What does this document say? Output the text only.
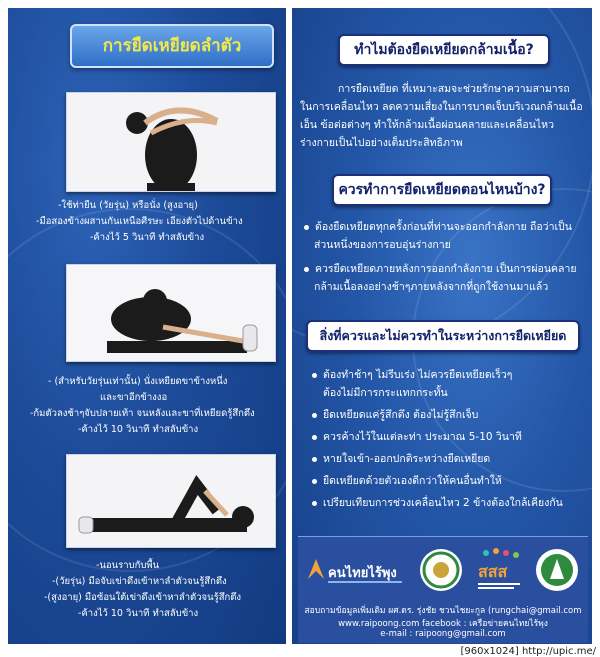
การยืดเหยียดลำตัว
-ใช้ท่ายืน (วัยรุ่น) หรือนั่ง (สูงอายุ)
-มือสองข้างผสานกันเหนือศีรษะ เอียงตัวไปด้านข้าง
-ค้างไว้ 5 วินาที ทำสลับข้าง
- (สำหรับวัยรุ่นเท่านั้น) นั่งเหยียดขาข้างหนึ่ง
และขาอีกข้างงอ
-ก้มตัวลงช้าๆจับปลายเท้า จนหลังและขาที่เหยียดรู้สึกตึง
-ค้างไว้ 10 วินาที ทำสลับข้าง
-นอนราบกับพื้น
-(วัยรุ่น) มือจับเข่าดึงเข้าหาลำตัวจนรู้สึกตึง
-(สูงอายุ) มือซ้อนใต้เข่าดึงเข้าหาลำตัวจนรู้สึกตึง
-ค้างไว้ 10 วินาที ทำสลับข้าง
ทำไมต้องยืดเหยียดกล้ามเนื้อ?
การยืดเหยียด ที่เหมาะสมจะช่วยรักษาความสามารถ
ในการเคลื่อนไหว ลดความเสี่ยงในการบาดเจ็บบริเวณกล้ามเนื้อ
เอ็น ข้อต่อต่างๆ ทำให้กล้ามเนื้อผ่อนคลายและเคลื่อนไหว
ร่างกายเป็นไปอย่างเต็มประสิทธิภาพ
ควรทำการยืดเหยียดตอนไหนบ้าง?
ต้องยืดเหยียดทุกครั้งก่อนที่ท่านจะออกกำลังกาย ถือว่าเป็น
ส่วนหนึ่งของการอบอุ่นร่างกาย
ควรยืดเหยียดภายหลังการออกกำลังกาย เป็นการผ่อนคลาย
กล้ามเนื้อลงอย่างช้าๆภายหลังจากที่ถูกใช้งานมาแล้ว
สิ่งที่ควรและไม่ควรทำในระหว่างการยืดเหยียด
ต้องทำช้าๆ ไม่รีบเร่ง ไม่ควรยืดเหยียดเร็วๆ
ต้องไม่มีการกระแทกกระทั้น
ยืดเหยียดแค่รู้สึกตึง ต้องไม่รู้สึกเจ็บ
ควรค้างไว้ในแต่ละท่า ประมาณ 5-10 วินาที
หายใจเข้า-ออกปกติระหว่างยืดเหยียด
ยืดเหยียดด้วยตัวเองดีกว่าให้คนอื่นทำให้
เปรียบเทียบการช่วงเคลื่อนไหว 2 ข้างต้องใกล้เคียงกัน
คนไทยไร้พุง	สสส
สอบถามข้อมูลเพิ่มเติม ผศ.ดร. รุ่งชัย ชวนไชยะกูล (rungchai@gmail.com
www.raipoong.com facebook : เครือข่ายคนไทยไร้พุง
e-mail : raipoong@gmail.com
[960x1024] http://upic.me/
